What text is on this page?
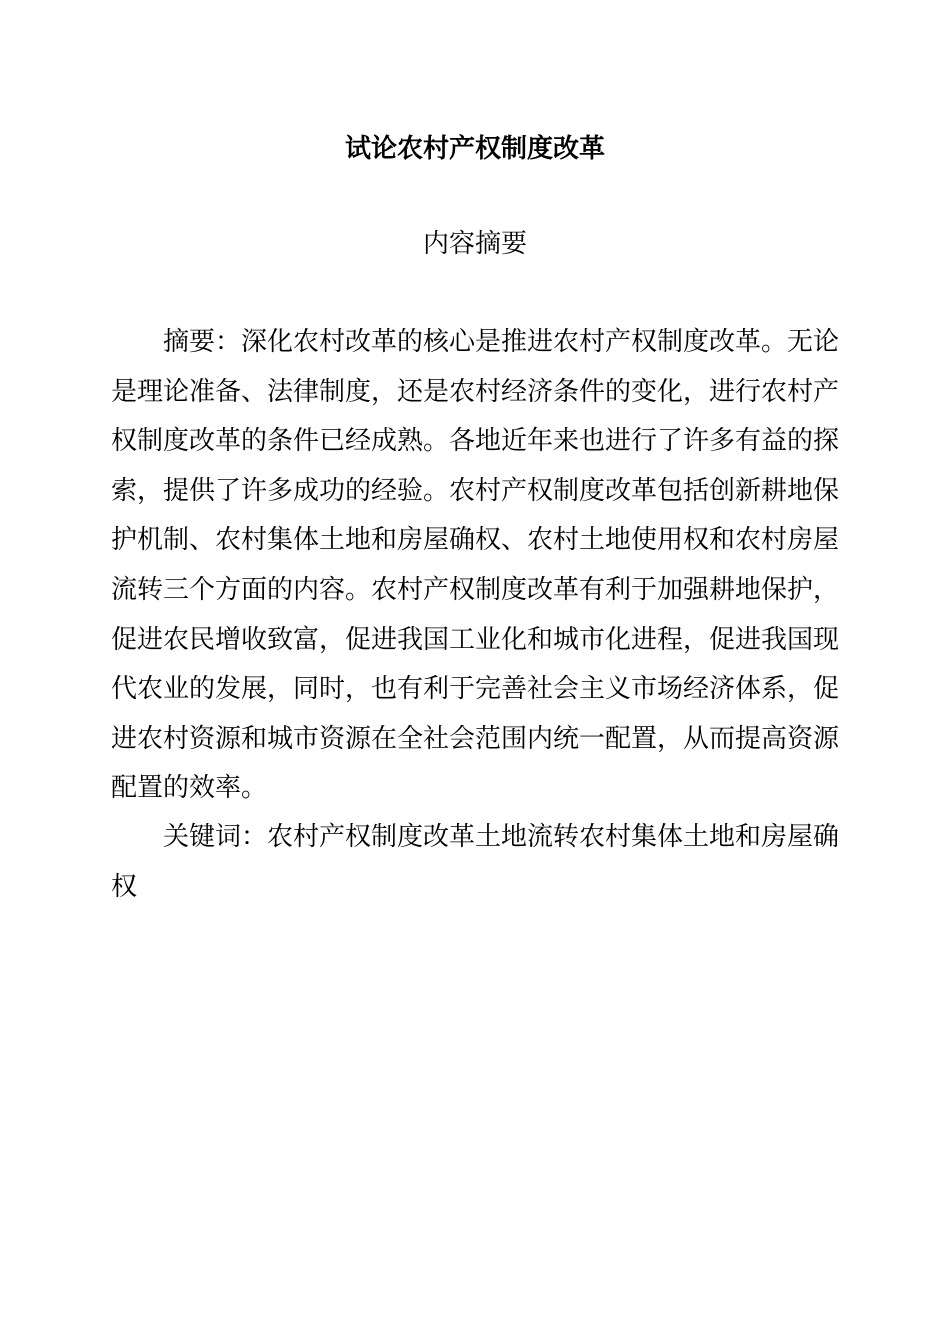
试论农村产权制度改革
内容摘要

摘要：深化农村改革的核心是推进农村产权制度改革。无论是理论准备、法律制度，还是农村经济条件的变化，进行农村产权制度改革的条件已经成熟。各地近年来也进行了许多有益的探索，提供了许多成功的经验。农村产权制度改革包括创新耕地保护机制、农村集体土地和房屋确权、农村土地使用权和农村房屋流转三个方面的内容。农村产权制度改革有利于加强耕地保护，促进农民增收致富，促进我国工业化和城市化进程，促进我国现代农业的发展，同时，也有利于完善社会主义市场经济体系，促进农村资源和城市资源在全社会范围内统一配置，从而提高资源配置的效率。

关键词：农村产权制度改革土地流转农村集体土地和房屋确权
